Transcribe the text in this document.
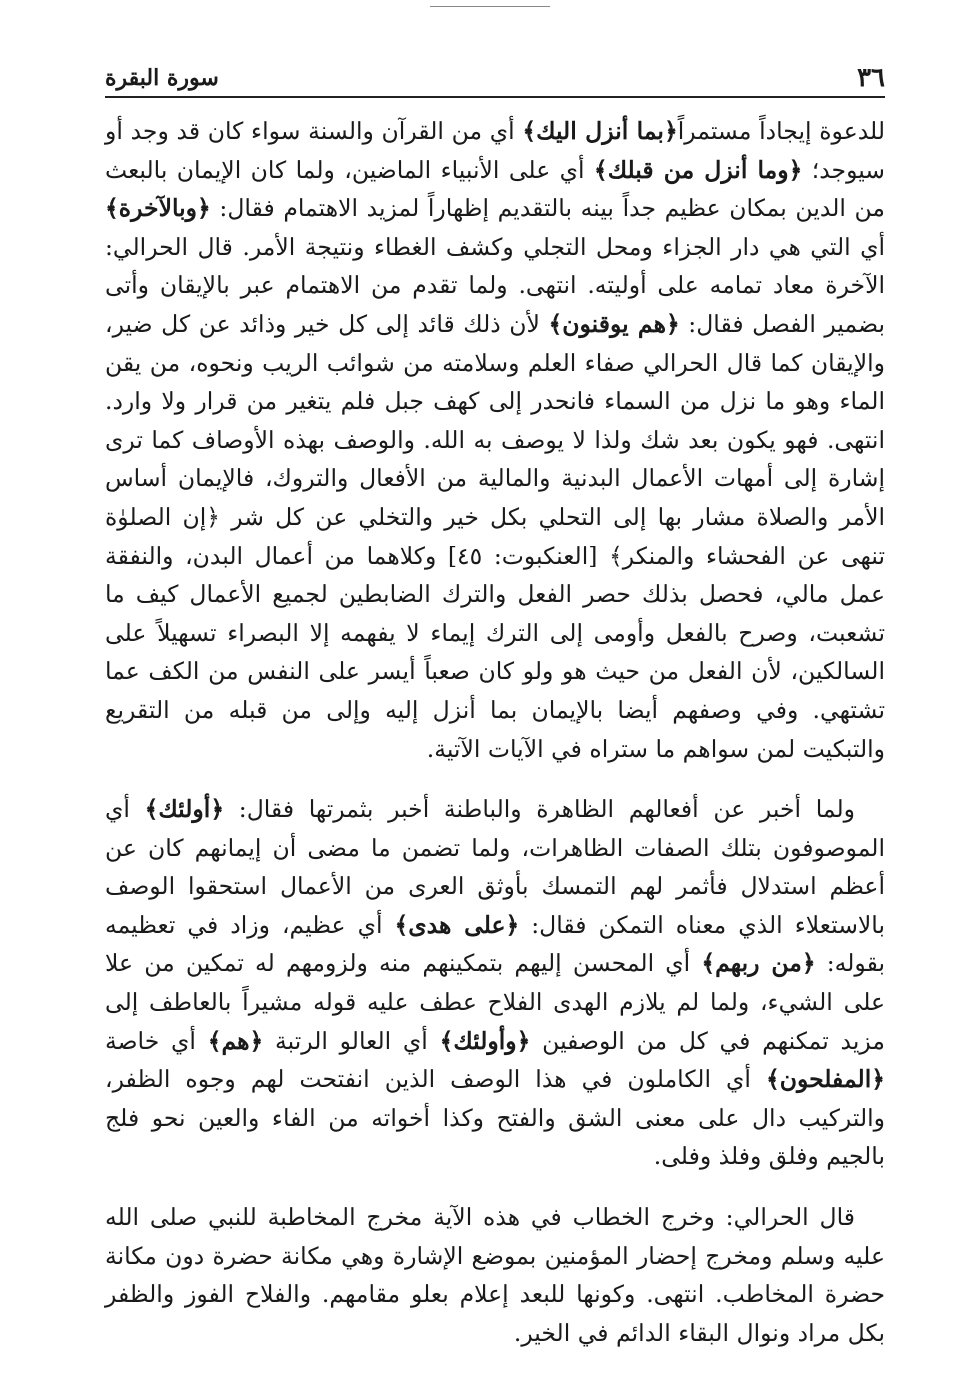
٣٦
سورة البقرة

للدعوة إيجاداً مستمراً﴿بما أنزل اليك﴾ أي من القرآن والسنة سواء كان قد وجد أو سيوجد؛ ﴿وما أنزل من قبلك﴾ أي على الأنبياء الماضين، ولما كان الإيمان بالبعث من الدين بمكان عظيم جداً بينه بالتقديم إظهاراً لمزيد الاهتمام فقال: ﴿وبالآخرة﴾ أي التي هي دار الجزاء ومحل التجلي وكشف الغطاء ونتيجة الأمر. قال الحرالي: الآخرة معاد تمامه على أوليته. انتهى. ولما تقدم من الاهتمام عبر بالإيقان وأتى بضمير الفصل فقال: ﴿هم يوقنون﴾ لأن ذلك قائد إلى كل خير وذائد عن كل ضير، والإيقان كما قال الحرالي صفاء العلم وسلامته من شوائب الريب ونحوه، من يقن الماء وهو ما نزل من السماء فانحدر إلى كهف جبل فلم يتغير من قرار ولا وارد. انتهى. فهو يكون بعد شك ولذا لا يوصف به الله. والوصف بهذه الأوصاف كما ترى إشارة إلى أمهات الأعمال البدنية والمالية من الأفعال والتروك، فالإيمان أساس الأمر والصلاة مشار بها إلى التحلي بكل خير والتخلي عن كل شر ﴿إن الصلوٰة تنهى عن الفحشاء والمنكر﴾ [العنكبوت: ٤٥] وكلاهما من أعمال البدن، والنفقة عمل مالي، فحصل بذلك حصر الفعل والترك الضابطين لجميع الأعمال كيف ما تشعبت، وصرح بالفعل وأومى إلى الترك إيماء لا يفهمه إلا البصراء تسهيلاً على السالكين، لأن الفعل من حيث هو ولو كان صعباً أيسر على النفس من الكف عما تشتهي. وفي وصفهم أيضا بالإيمان بما أنزل إليه وإلى من قبله من التقريع والتبكيت لمن سواهم ما ستراه في الآيات الآتية.

ولما أخبر عن أفعالهم الظاهرة والباطنة أخبر بثمرتها فقال: ﴿أولئك﴾ أي الموصوفون بتلك الصفات الظاهرات، ولما تضمن ما مضى أن إيمانهم كان عن أعظم استدلال فأثمر لهم التمسك بأوثق العرى من الأعمال استحقوا الوصف بالاستعلاء الذي معناه التمكن فقال: ﴿على هدى﴾ أي عظيم، وزاد في تعظيمه بقوله: ﴿من ربهم﴾ أي المحسن إليهم بتمكينهم منه ولزومهم له تمكين من علا على الشيء، ولما لم يلازم الهدى الفلاح عطف عليه قوله مشيراً بالعاطف إلى مزيد تمكنهم في كل من الوصفين ﴿وأولئك﴾ أي العالو الرتبة ﴿هم﴾ أي خاصة ﴿المفلحون﴾ أي الكاملون في هذا الوصف الذين انفتحت لهم وجوه الظفر، والتركيب دال على معنى الشق والفتح وكذا أخواته من الفاء والعين نحو فلج بالجيم وفلق وفلذ وفلى.

قال الحرالي: وخرج الخطاب في هذه الآية مخرج المخاطبة للنبي صلى الله عليه وسلم ومخرج إحضار المؤمنين بموضع الإشارة وهي مكانة حضرة دون مكانة حضرة المخاطب. انتهى. وكونها للبعد إعلام بعلو مقامهم. والفلاح الفوز والظفر بكل مراد ونوال البقاء الدائم في الخير.
